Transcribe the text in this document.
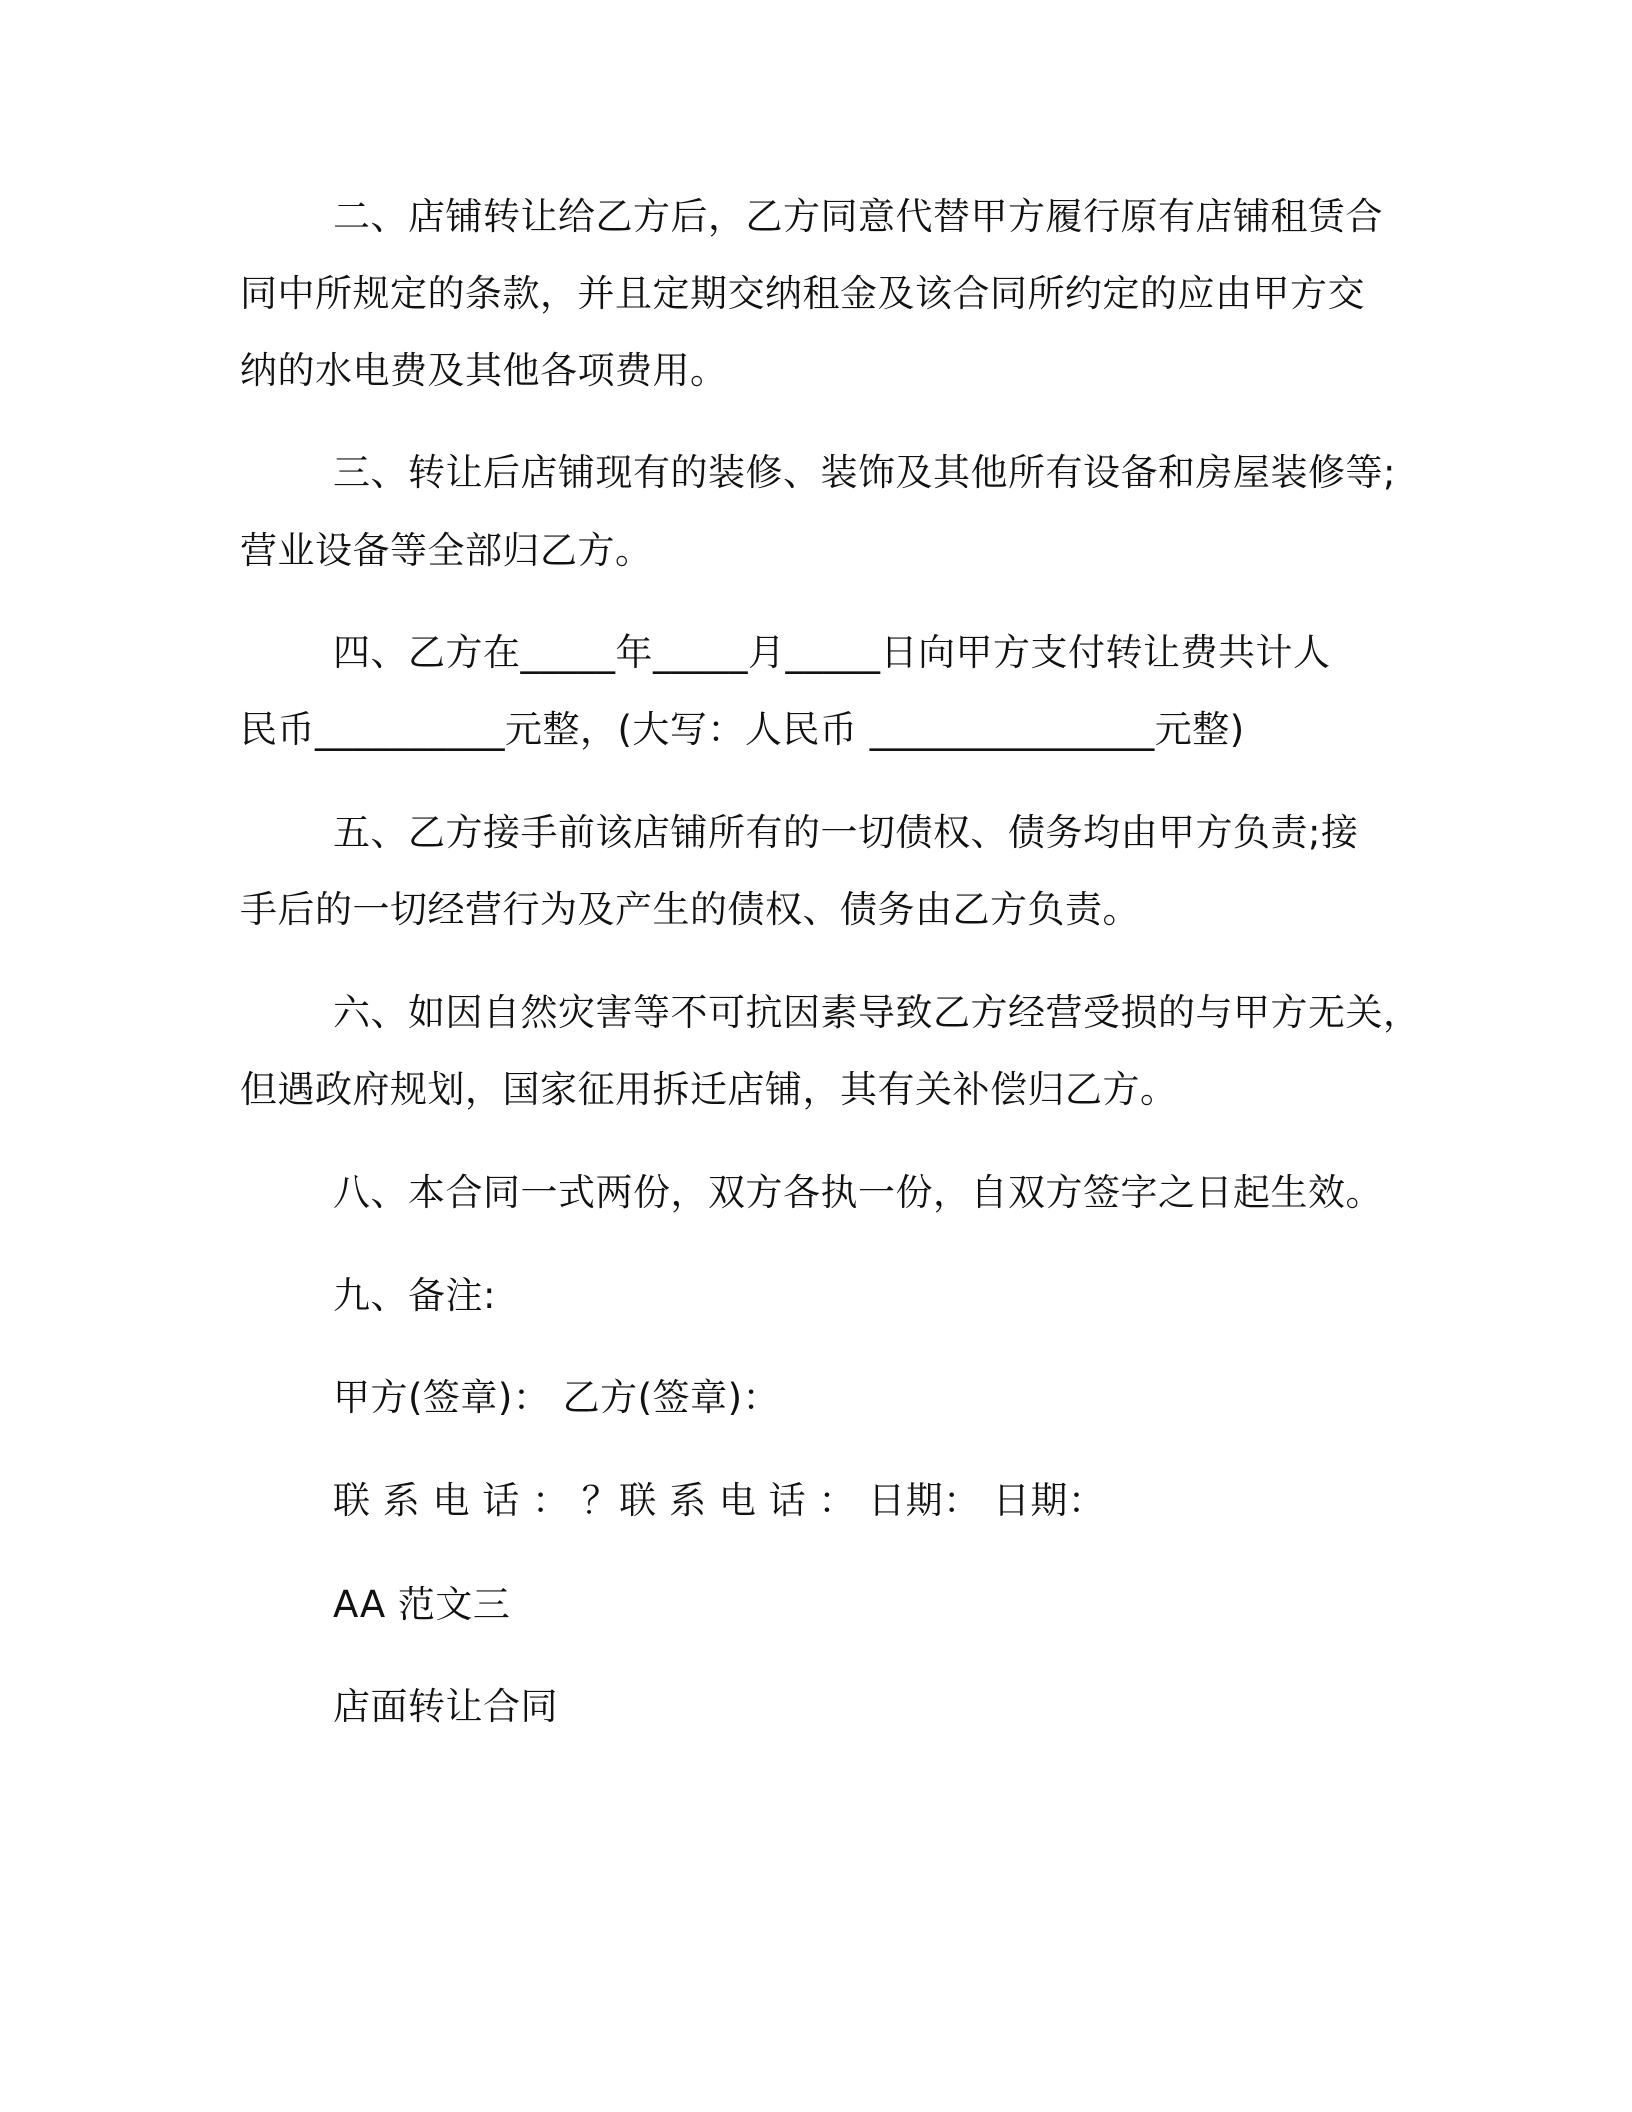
二、店铺转让给乙方后，乙方同意代替甲方履行原有店铺租赁合

同中所规定的条款，并且定期交纳租金及该合同所约定的应由甲方交

纳的水电费及其他各项费用。

三、转让后店铺现有的装修、装饰及其他所有设备和房屋装修等;

营业设备等全部归乙方。

四、乙方在_____年_____月_____日向甲方支付转让费共计人

民币__________元整，(大写：人民币 _______________元整)

五、乙方接手前该店铺所有的一切债权、债务均由甲方负责;接

手后的一切经营行为及产生的债权、债务由乙方负责。

六、如因自然灾害等不可抗因素导致乙方经营受损的与甲方无关，

但遇政府规划，国家征用拆迁店铺，其有关补偿归乙方。

八、本合同一式两份，双方各执一份，自双方签字之日起生效。

九、备注:

甲方(签章)： 乙方(签章)：

联 系 电 话 ： ？联 系 电 话 ： 日期： 日期：

AA 范文三

店面转让合同
